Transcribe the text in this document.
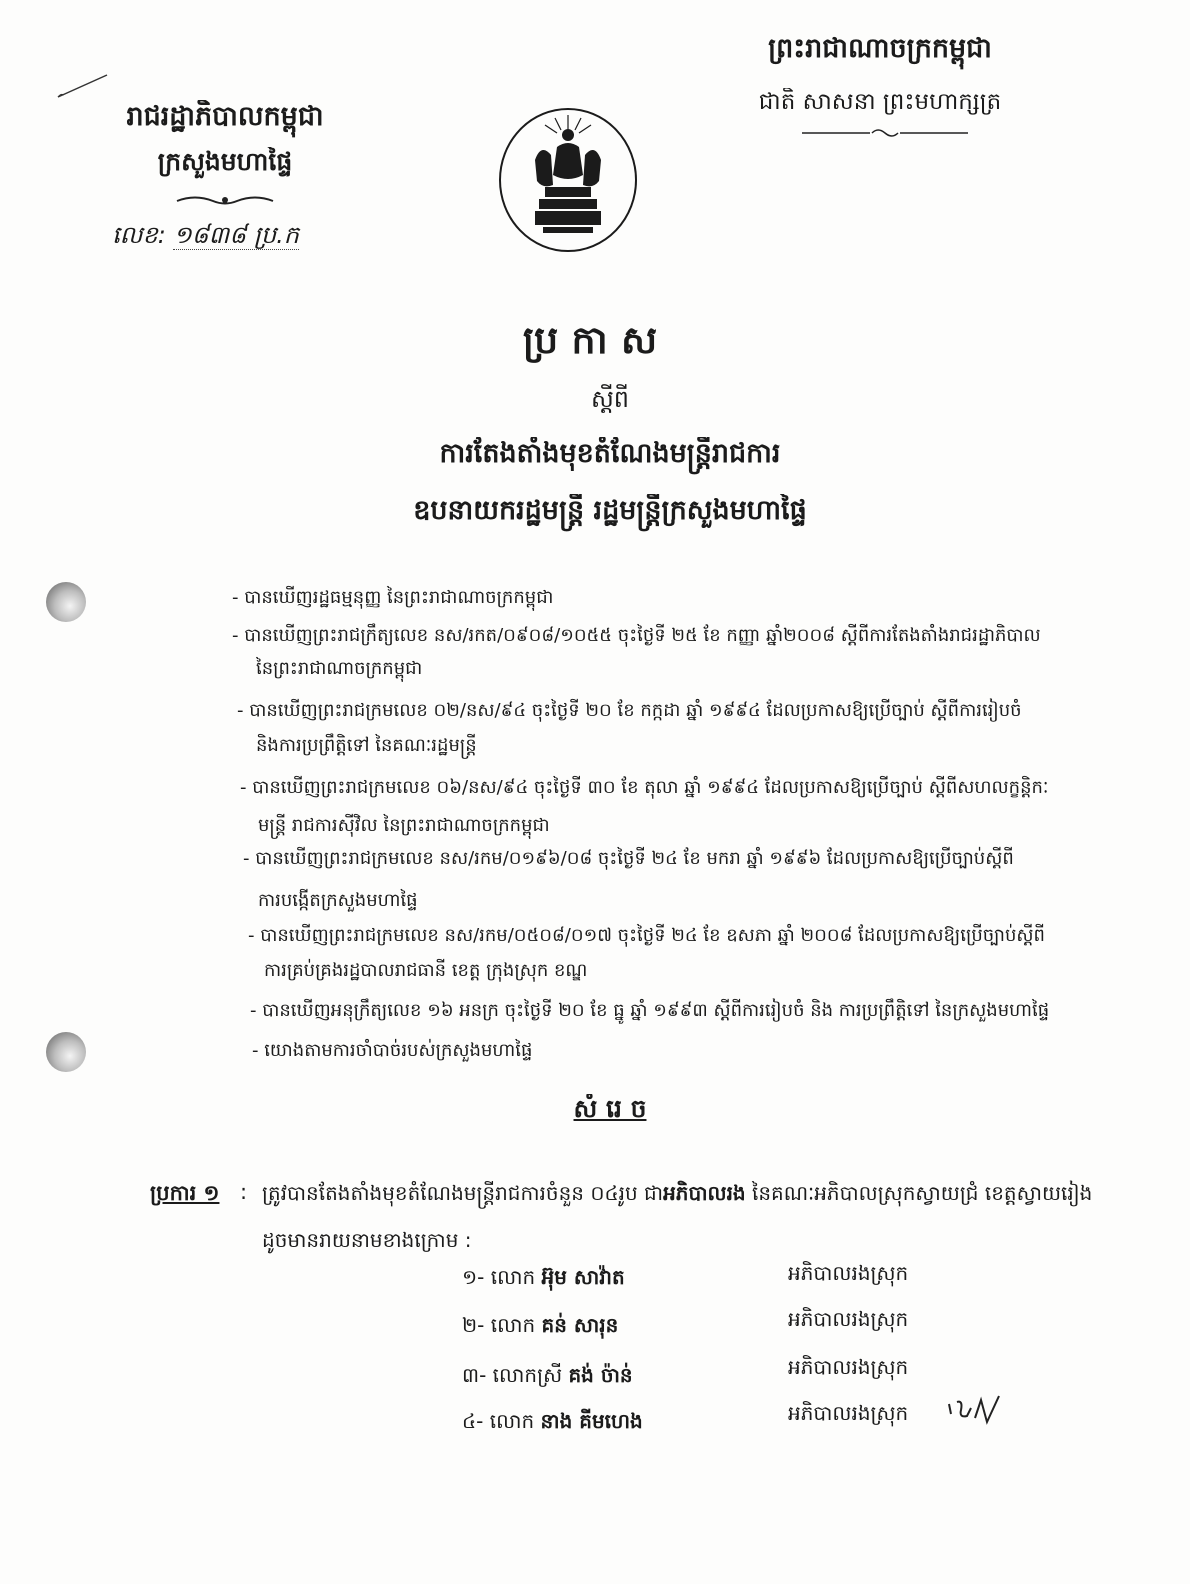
រាជរដ្ឋាភិបាលកម្ពុជា
ក្រសួងមហាផ្ទៃ
លេខ: ១៨៣៨ ប្រ.ក
ព្រះរាជាណាចក្រកម្ពុជា
ជាតិ សាសនា ព្រះមហាក្សត្រ
ប្រ កា ស
ស្ដីពី
ការតែងតាំងមុខតំណែងមន្ត្រីរាជការ
ឧបនាយករដ្ឋមន្ត្រី រដ្ឋមន្ត្រីក្រសួងមហាផ្ទៃ
- បានឃើញរដ្ឋធម្មនុញ្ញ នៃព្រះរាជាណាចក្រកម្ពុជា
- បានឃើញព្រះរាជក្រឹត្យលេខ នស/រកត/០៩០៨/១០៥៥ ចុះថ្ងៃទី ២៥ ខែ កញ្ញា ឆ្នាំ២០០៨ ស្ដីពីការតែងតាំងរាជរដ្ឋាភិបាល
នៃព្រះរាជាណាចក្រកម្ពុជា
- បានឃើញព្រះរាជក្រមលេខ ០២/នស/៩៤ ចុះថ្ងៃទី ២០ ខែ កក្កដា ឆ្នាំ ១៩៩៤ ដែលប្រកាសឱ្យប្រើច្បាប់ ស្ដីពីការរៀបចំ
និងការប្រព្រឹត្តិទៅ នៃគណៈរដ្ឋមន្ត្រី
- បានឃើញព្រះរាជក្រមលេខ ០៦/នស/៩៤ ចុះថ្ងៃទី ៣០ ខែ តុលា ឆ្នាំ ១៩៩៤ ដែលប្រកាសឱ្យប្រើច្បាប់ ស្ដីពីសហលក្ខន្តិកៈ
មន្ត្រី រាជការស៊ីវិល នៃព្រះរាជាណាចក្រកម្ពុជា
- បានឃើញព្រះរាជក្រមលេខ នស/រកម/០១៩៦/០៨ ចុះថ្ងៃទី ២៤ ខែ មករា ឆ្នាំ ១៩៩៦ ដែលប្រកាសឱ្យប្រើច្បាប់ស្ដីពី
ការបង្កើតក្រសួងមហាផ្ទៃ
- បានឃើញព្រះរាជក្រមលេខ នស/រកម/០៥០៨/០១៧ ចុះថ្ងៃទី ២៤ ខែ ឧសភា ឆ្នាំ ២០០៨ ដែលប្រកាសឱ្យប្រើច្បាប់ស្ដីពី
ការគ្រប់គ្រងរដ្ឋបាលរាជធានី ខេត្ត ក្រុងស្រុក ខណ្ឌ
- បានឃើញអនុក្រឹត្យលេខ ១៦ អនក្រ ចុះថ្ងៃទី ២០ ខែ ធ្នូ ឆ្នាំ ១៩៩៣ ស្ដីពីការរៀបចំ និង ការប្រព្រឹត្តិទៅ នៃក្រសួងមហាផ្ទៃ
- យោងតាមការចាំបាច់របស់ក្រសួងមហាផ្ទៃ
សំ រេ ច
ប្រការ ១ : ត្រូវបានតែងតាំងមុខតំណែងមន្ត្រីរាជការចំនួន ០៤រូប ជាអភិបាលរង នៃគណៈអភិបាលស្រុកស្វាយជ្រំ ខេត្តស្វាយរៀង
ដូចមានរាយនាមខាងក្រោម :
១- លោក អ៊ុម សាវ៉ាត	អភិបាលរងស្រុក
២- លោក គន់ សារុន	អភិបាលរងស្រុក
៣- លោកស្រី គង់ ច៉ាន់	អភិបាលរងស្រុក
៤- លោក នាង គីមហេង	អភិបាលរងស្រុក
